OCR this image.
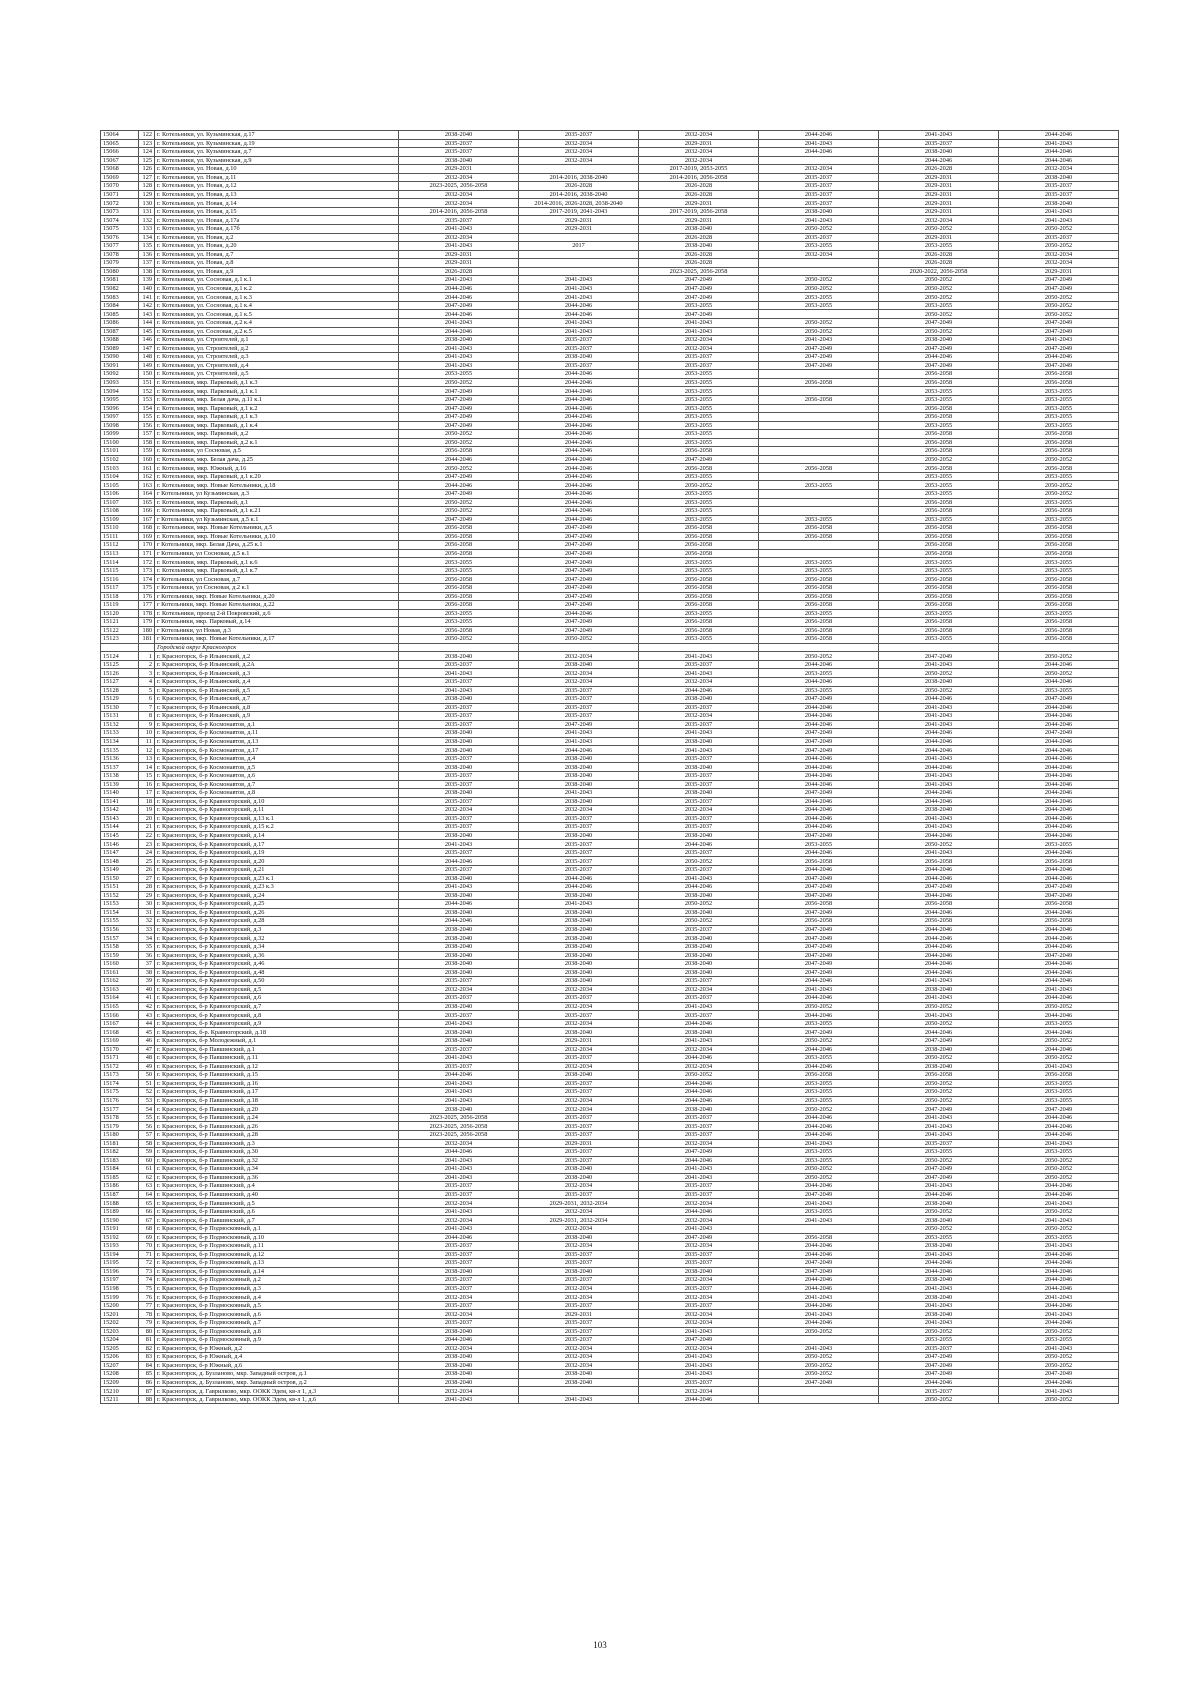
15064	122	г. Котельники, ул. Кузьминская, д.17	2038-2040	2035-2037	2032-2034	2044-2046	2041-2043	2044-2046
15065	123	г. Котельники, ул. Кузьминская, д.19	2035-2037	2032-2034	2029-2031	2041-2043	2035-2037	2041-2043
15066	124	г. Котельники, ул. Кузьминская, д.7	2035-2037	2032-2034	2032-2034	2044-2046	2038-2040	2044-2046
15067	125	г. Котельники, ул. Кузьминская, д.9	2038-2040	2032-2034	2032-2034		2044-2046	2044-2046
15068	126	г. Котельники, ул. Новая, д.10	2029-2031		2017-2019, 2053-2055	2032-2034	2026-2028	2032-2034
15069	127	г. Котельники, ул. Новая, д.11	2032-2034	2014-2016, 2038-2040	2014-2016, 2056-2058	2035-2037	2029-2031	2038-2040
15070	128	г. Котельники, ул. Новая, д.12	2023-2025, 2056-2058	2026-2028	2026-2028	2035-2037	2029-2031	2035-2037
15071	129	г. Котельники, ул. Новая, д.13	2032-2034	2014-2016, 2038-2040	2026-2028	2035-2037	2029-2031	2035-2037
15072	130	г. Котельники, ул. Новая, д.14	2032-2034	2014-2016, 2026-2028, 2038-2040	2029-2031	2035-2037	2029-2031	2038-2040
15073	131	г. Котельники, ул. Новая, д.15	2014-2016, 2056-2058	2017-2019, 2041-2043	2017-2019, 2056-2058	2038-2040	2029-2031	2041-2043
15074	132	г. Котельники, ул. Новая, д.17а	2035-2037	2029-2031	2029-2031	2041-2043	2032-2034	2041-2043
15075	133	г. Котельники, ул. Новая, д.17б	2041-2043	2029-2031	2038-2040	2050-2052	2050-2052	2050-2052
15076	134	г. Котельники, ул. Новая, д.2	2032-2034		2026-2028	2035-2037	2029-2031	2035-2037
15077	135	г. Котельники, ул. Новая, д.20	2041-2043	2017	2038-2040	2053-2055	2053-2055	2050-2052
15078	136	г. Котельники, ул. Новая, д.7	2029-2031		2026-2028	2032-2034	2026-2028	2032-2034
15079	137	г. Котельники, ул. Новая, д.8	2029-2031		2026-2028		2026-2028	2032-2034
15080	138	г. Котельники, ул. Новая, д.9	2026-2028		2023-2025, 2056-2058		2020-2022, 2056-2058	2029-2031
15081	139	г. Котельники, ул. Сосновая, д.1 к.1	2041-2043	2041-2043	2047-2049	2050-2052	2050-2052	2047-2049
15082	140	г. Котельники, ул. Сосновая, д.1 к.2	2044-2046	2041-2043	2047-2049	2050-2052	2050-2052	2047-2049
15083	141	г. Котельники, ул. Сосновая, д.1 к.3	2044-2046	2041-2043	2047-2049	2053-2055	2050-2052	2050-2052
15084	142	г. Котельники, ул. Сосновая, д.1 к.4	2047-2049	2044-2046	2053-2055	2053-2055	2053-2055	2050-2052
15085	143	г. Котельники, ул. Сосновая, д.1 к.5	2044-2046	2044-2046	2047-2049		2050-2052	2050-2052
15086	144	г. Котельники, ул. Сосновая, д.2 к.4	2041-2043	2041-2043	2041-2043	2050-2052	2047-2049	2047-2049
15087	145	г. Котельники, ул. Сосновая, д.2 к.5	2044-2046	2041-2043	2041-2043	2050-2052	2050-2052	2047-2049
15088	146	г. Котельники, ул. Строителей, д.1	2038-2040	2035-2037	2032-2034	2041-2043	2038-2040	2041-2043
15089	147	г. Котельники, ул. Строителей, д.2	2041-2043	2035-2037	2032-2034	2047-2049	2047-2049	2047-2049
15090	148	г. Котельники, ул. Строителей, д.3	2041-2043	2038-2040	2035-2037	2047-2049	2044-2046	2044-2046
15091	149	г. Котельники, ул. Строителей, д.4	2041-2043	2035-2037	2035-2037	2047-2049	2047-2049	2047-2049
15092	150	г. Котельники, ул. Строителей, д.5	2053-2055	2044-2046	2053-2055		2056-2058	2056-2058
15093	151	г. Котельники, мкр. Парковый, д.1 к.3	2050-2052	2044-2046	2053-2055	2056-2058	2056-2058	2056-2058
15094	152	г. Котельники, мкр. Парковый, д.1 к.1	2047-2049	2044-2046	2053-2055		2053-2055	2053-2055
15095	153	г. Котельники, мкр. Белая дача, д.11 к.1	2047-2049	2044-2046	2053-2055	2056-2058	2053-2055	2053-2055
15096	154	г. Котельники, мкр. Парковый, д.1 к.2	2047-2049	2044-2046	2053-2055		2056-2058	2053-2055
15097	155	г. Котельники, мкр. Парковый, д.1 к.3	2047-2049	2044-2046	2053-2055		2056-2058	2053-2055
15098	156	г. Котельники, мкр. Парковый, д.1 к.4	2047-2049	2044-2046	2053-2055		2053-2055	2053-2055
15099	157	г. Котельники, мкр. Парковый, д.2	2050-2052	2044-2046	2053-2055		2056-2058	2056-2058
15100	158	г. Котельники, мкр. Парковый, д.2 к.1	2050-2052	2044-2046	2053-2055		2056-2058	2056-2058
15101	159	г. Котельники, ул Сосновая, д.5	2056-2058	2044-2046	2056-2058		2056-2058	2056-2058
15102	160	г. Котельники, мкр. Белая дача, д.25	2044-2046	2044-2046	2047-2049		2050-2052	2050-2052
15103	161	г. Котельники, мкр. Южный, д.16	2050-2052	2044-2046	2056-2058	2056-2058	2056-2058	2056-2058
15104	162	г. Котельники, мкр. Парковый, д.1 к.20	2047-2049	2044-2046	2053-2055		2053-2055	2053-2055
15105	163	г. Котельники, мкр. Новые Котельники, д.18	2044-2046	2044-2046	2050-2052	2053-2055	2053-2055	2050-2052
15106	164	г Котельники, ул Кузьминская, д.3	2047-2049	2044-2046	2053-2055		2053-2055	2050-2052
15107	165	г. Котельники, мкр. Парковый, д.1	2050-2052	2044-2046	2053-2055		2056-2058	2053-2055
15108	166	г. Котельники, мкр. Парковый, д.1 к.21	2050-2052	2044-2046	2053-2055		2056-2058	2056-2058
15109	167	г Котельники, ул Кузьминская, д.5 к.1	2047-2049	2044-2046	2053-2055	2053-2055	2053-2055	2053-2055
15110	168	г. Котельники, мкр. Новые Котельники, д.5	2056-2058	2047-2049	2056-2058	2056-2058	2056-2058	2056-2058
15111	169	г. Котельники, мкр. Новые Котельники, д.10	2056-2058	2047-2049	2056-2058	2056-2058	2056-2058	2056-2058
15112	170	г Котельники, мкр. Белая Дача, д.25 к.1	2056-2058	2047-2049	2056-2058		2056-2058	2056-2058
15113	171	г Котельники, ул Сосновая, д.5 к.1	2056-2058	2047-2049	2056-2058		2056-2058	2056-2058
15114	172	г. Котельники, мкр. Парковый, д.1 к.6	2053-2055	2047-2049	2053-2055	2053-2055	2053-2055	2053-2055
15115	173	г. Котельники, мкр. Парковый, д.1 к.7	2053-2055	2047-2049	2053-2055	2053-2055	2053-2055	2053-2055
15116	174	г Котельники, ул Сосновая, д.7	2056-2058	2047-2049	2056-2058	2056-2058	2056-2058	2056-2058
15117	175	г Котельники, ул Сосновая, д.2 к.1	2056-2058	2047-2049	2056-2058	2056-2058	2056-2058	2056-2058
15118	176	г Котельники, мкр. Новые Котельники, д.20	2056-2058	2047-2049	2056-2058	2056-2058	2056-2058	2056-2058
15119	177	г Котельники, мкр. Новые Котельники, д.22	2056-2058	2047-2049	2056-2058	2056-2058	2056-2058	2056-2058
15120	178	г. Котельники, проезд 2-й Покровский, д.6	2053-2055	2044-2046	2053-2055	2053-2055	2053-2055	2053-2055
15121	179	г Котельники, мкр. Парковый, д.14	2053-2055	2047-2049	2056-2058	2056-2058	2056-2058	2056-2058
15122	180	г Котельники, ул Новая, д.3	2056-2058	2047-2049	2056-2058	2056-2058	2056-2058	2056-2058
15123	181	г Котельники, мкр. Новые Котельники, д.17	2050-2052	2050-2052	2053-2055	2056-2058	2053-2055	2056-2058
		Городской округ Красногорск						
15124	1	г. Красногорск, б-р Ильинский, д.2	2038-2040	2032-2034	2041-2043	2050-2052	2047-2049	2050-2052
15125	2	г. Красногорск, б-р Ильинский, д.2А	2035-2037	2038-2040	2035-2037	2044-2046	2041-2043	2044-2046
15126	3	г. Красногорск, б-р Ильинский, д.3	2041-2043	2032-2034	2041-2043	2053-2055	2050-2052	2050-2052
15127	4	г. Красногорск, б-р Ильинский, д.4	2035-2037	2032-2034	2032-2034	2044-2046	2038-2040	2044-2046
15128	5	г. Красногорск, б-р Ильинский, д.5	2041-2043	2035-2037	2044-2046	2053-2055	2050-2052	2053-2055
15129	6	г. Красногорск, б-р Ильинский, д.7	2038-2040	2035-2037	2038-2040	2047-2049	2044-2046	2047-2049
15130	7	г. Красногорск, б-р Ильинский, д.8	2035-2037	2035-2037	2035-2037	2044-2046	2041-2043	2044-2046
15131	8	г. Красногорск, б-р Ильинский, д.9	2035-2037	2035-2037	2032-2034	2044-2046	2041-2043	2044-2046
15132	9	г. Красногорск, б-р Космонавтов, д.1	2035-2037	2047-2049	2035-2037	2044-2046	2041-2043	2044-2046
15133	10	г. Красногорск, б-р Космонавтов, д.11	2038-2040	2041-2043	2041-2043	2047-2049	2044-2046	2047-2049
15134	11	г. Красногорск, б-р Космонавтов, д.13	2038-2040	2041-2043	2038-2040	2047-2049	2044-2046	2044-2046
15135	12	г. Красногорск, б-р Космонавтов, д.17	2038-2040	2044-2046	2041-2043	2047-2049	2044-2046	2044-2046
15136	13	г. Красногорск, б-р Космонавтов, д.4	2035-2037	2038-2040	2035-2037	2044-2046	2041-2043	2044-2046
15137	14	г. Красногорск, б-р Космонавтов, д.5	2038-2040	2038-2040	2038-2040	2044-2046	2044-2046	2044-2046
15138	15	г. Красногорск, б-р Космонавтов, д.6	2035-2037	2038-2040	2035-2037	2044-2046	2041-2043	2044-2046
15139	16	г. Красногорск, б-р Космонавтов, д.7	2035-2037	2038-2040	2035-2037	2044-2046	2041-2043	2044-2046
15140	17	г. Красногорск, б-р Космонавтов, д.8	2038-2040	2041-2043	2038-2040	2047-2049	2044-2046	2044-2046
15141	18	г. Красногорск, б-р Кравногорский, д.10	2035-2037	2038-2040	2035-2037	2044-2046	2044-2046	2044-2046
15142	19	г. Красногорск, б-р Кравногорский, д.11	2032-2034	2032-2034	2032-2034	2044-2046	2038-2040	2044-2046
15143	20	г. Красногорск, б-р Кравногорский, д.13 к.1	2035-2037	2035-2037	2035-2037	2044-2046	2041-2043	2044-2046
15144	21	г. Красногорск, б-р Кравногорский, д.15 к.2	2035-2037	2035-2037	2035-2037	2044-2046	2041-2043	2044-2046
15145	22	г. Красногорск, б-р Кравногорский, д.14	2038-2040	2038-2040	2038-2040	2047-2049	2044-2046	2044-2046
15146	23	г. Красногорск, б-р Кравногорский, д.17	2041-2043	2035-2037	2044-2046	2053-2055	2050-2052	2053-2055
15147	24	г. Красногорск, б-р Кравногорский, д.19	2035-2037	2035-2037	2035-2037	2044-2046	2041-2043	2044-2046
15148	25	г. Красногорск, б-р Кравногорский, д.20	2044-2046	2035-2037	2050-2052	2056-2058	2056-2058	2056-2058
15149	26	г. Красногорск, б-р Кравногорский, д.21	2035-2037	2035-2037	2035-2037	2044-2046	2044-2046	2044-2046
15150	27	г. Красногорск, б-р Кравногорский, д.23 к.1	2038-2040	2044-2046	2041-2043	2047-2049	2044-2046	2044-2046
15151	28	г. Красногорск, б-р Кравногорский, д.23 к.3	2041-2043	2044-2046	2044-2046	2047-2049	2047-2049	2047-2049
15152	29	г. Красногорск, б-р Кравногорский, д.24	2038-2040	2038-2040	2038-2040	2047-2049	2044-2046	2047-2049
15153	30	г. Красногорск, б-р Кравногорский, д.25	2044-2046	2041-2043	2050-2052	2056-2058	2056-2058	2056-2058
15154	31	г. Красногорск, б-р Кравногорский, д.26	2038-2040	2038-2040	2038-2040	2047-2049	2044-2046	2044-2046
15155	32	г. Красногорск, б-р Кравногорский, д.28	2044-2046	2038-2040	2050-2052	2056-2058	2056-2058	2056-2058
15156	33	г. Красногорск, б-р Кравногорский, д.3	2038-2040	2038-2040	2035-2037	2047-2049	2044-2046	2044-2046
15157	34	г. Красногорск, б-р Кравногорский, д.32	2038-2040	2038-2040	2038-2040	2047-2049	2044-2046	2044-2046
15158	35	г. Красногорск, б-р Кравногорский, д.34	2038-2040	2038-2040	2038-2040	2047-2049	2044-2046	2044-2046
15159	36	г. Красногорск, б-р Кравногорский, д.36	2038-2040	2038-2040	2038-2040	2047-2049	2044-2046	2047-2049
15160	37	г. Красногорск, б-р Кравногорский, д.46	2038-2040	2038-2040	2038-2040	2047-2049	2044-2046	2044-2046
15161	38	г. Красногорск, б-р Кравногорский, д.48	2038-2040	2038-2040	2038-2040	2047-2049	2044-2046	2044-2046
15162	39	г. Красногорск, б-р Кравногорский, д.50	2035-2037	2038-2040	2035-2037	2044-2046	2041-2043	2044-2046
15163	40	г. Красногорск, б-р Кравногорский, д.5	2032-2034	2032-2034	2032-2034	2041-2043	2038-2040	2041-2043
15164	41	г. Красногорск, б-р Кравногорский, д.6	2035-2037	2035-2037	2035-2037	2044-2046	2041-2043	2044-2046
15165	42	г. Красногорск, б-р Кравногорский, д.7	2038-2040	2032-2034	2041-2043	2050-2052	2050-2052	2050-2052
15166	43	г. Красногорск, б-р Кравногорский, д.8	2035-2037	2035-2037	2035-2037	2044-2046	2041-2043	2044-2046
15167	44	г. Красногорск, б-р Кравногорский, д.9	2041-2043	2032-2034	2044-2046	2053-2055	2050-2052	2053-2055
15168	45	г. Красногорск, б-р. Кравногорский, д.18	2038-2040	2038-2040	2038-2040	2047-2049	2044-2046	2044-2046
15169	46	г. Красногорск, б-р Молодежный, д.1	2038-2040	2029-2031	2041-2043	2050-2052	2047-2049	2050-2052
15170	47	г. Красногорск, б-р Павшинский, д.1	2035-2037	2032-2034	2032-2034	2044-2046	2038-2040	2044-2046
15171	48	г. Красногорск, б-р Павшинский, д.11	2041-2043	2035-2037	2044-2046	2053-2055	2050-2052	2050-2052
15172	49	г. Красногорск, б-р Павшинский, д.12	2035-2037	2032-2034	2032-2034	2044-2046	2038-2040	2041-2043
15173	50	г. Красногорск, б-р Павшинский, д.15	2044-2046	2038-2040	2050-2052	2056-2058	2056-2058	2056-2058
15174	51	г. Красногорск, б-р Павшинский, д.16	2041-2043	2035-2037	2044-2046	2053-2055	2050-2052	2053-2055
15175	52	г. Красногорск, б-р Павшинский, д.17	2041-2043	2035-2037	2044-2046	2053-2055	2050-2052	2053-2055
15176	53	г. Красногорск, б-р Павшинский, д.18	2041-2043	2032-2034	2044-2046	2053-2055	2050-2052	2053-2055
15177	54	г. Красногорск, б-р Павшинский, д.20	2038-2040	2032-2034	2038-2040	2050-2052	2047-2049	2047-2049
15178	55	г. Красногорск, б-р Павшинский, д.24	2023-2025, 2056-2058	2035-2037	2035-2037	2044-2046	2041-2043	2044-2046
15179	56	г. Красногорск, б-р Павшинский, д.26	2023-2025, 2056-2058	2035-2037	2035-2037	2044-2046	2041-2043	2044-2046
15180	57	г. Красногорск, б-р Павшинский, д.28	2023-2025, 2056-2058	2035-2037	2035-2037	2044-2046	2041-2043	2044-2046
15181	58	г. Красногорск, б-р Павшинский, д.3	2032-2034	2029-2031	2032-2034	2041-2043	2035-2037	2041-2043
15182	59	г. Красногорск, б-р Павшинский, д.30	2044-2046	2035-2037	2047-2049	2053-2055	2053-2055	2053-2055
15183	60	г. Красногорск, б-р Павшинский, д.32	2041-2043	2035-2037	2044-2046	2053-2055	2050-2052	2050-2052
15184	61	г. Красногорск, б-р Павшинский, д.34	2041-2043	2038-2040	2041-2043	2050-2052	2047-2049	2050-2052
15185	62	г. Красногорск, б-р Павшинский, д.36	2041-2043	2038-2040	2041-2043	2050-2052	2047-2049	2050-2052
15186	63	г. Красногорск, б-р Павшинский, д.4	2035-2037	2032-2034	2035-2037	2044-2046	2041-2043	2044-2046
15187	64	г. Красногорск, б-р Павшинский, д.40	2035-2037	2035-2037	2035-2037	2047-2049	2044-2046	2044-2046
15188	65	г. Красногорск, б-р Павшинский, д.5	2032-2034	2029-2031, 2032-2034	2032-2034	2041-2043	2038-2040	2041-2043
15189	66	г. Красногорск, б-р Павшинский, д.6	2041-2043	2032-2034	2044-2046	2053-2055	2050-2052	2050-2052
15190	67	г. Красногорск, б-р Павшинский, д.7	2032-2034	2029-2031, 2032-2034	2032-2034	2041-2043	2038-2040	2041-2043
15191	68	г. Красногорск, б-р Подмосковный, д.1	2041-2043	2032-2034	2041-2043		2050-2052	2050-2052
15192	69	г. Красногорск, б-р Подмосковный, д.10	2044-2046	2038-2040	2047-2049	2056-2058	2053-2055	2053-2055
15193	70	г. Красногорск, б-р Подмосковный, д.11	2035-2037	2032-2034	2032-2034	2044-2046	2038-2040	2041-2043
15194	71	г. Красногорск, б-р Подмосковный, д.12	2035-2037	2035-2037	2035-2037	2044-2046	2041-2043	2044-2046
15195	72	г. Красногорск, б-р Подмосковный, д.13	2035-2037	2035-2037	2035-2037	2047-2049	2044-2046	2044-2046
15196	73	г. Красногорск, б-р Подмосковный, д.14	2038-2040	2038-2040	2038-2040	2047-2049	2044-2046	2044-2046
15197	74	г. Красногорск, б-р Подмосковный, д.2	2035-2037	2035-2037	2032-2034	2044-2046	2038-2040	2044-2046
15198	75	г. Красногорск, б-р Подмосковный, д.3	2035-2037	2032-2034	2035-2037	2044-2046	2041-2043	2044-2046
15199	76	г. Красногорск, б-р Подмосковный, д.4	2032-2034	2032-2034	2032-2034	2041-2043	2038-2040	2041-2043
15200	77	г. Красногорск, б-р Подмосковный, д.5	2035-2037	2035-2037	2035-2037	2044-2046	2041-2043	2044-2046
15201	78	г. Красногорск, б-р Подмосковный, д.6	2032-2034	2029-2031	2032-2034	2041-2043	2038-2040	2041-2043
15202	79	г. Красногорск, б-р Подмосковный, д.7	2035-2037	2035-2037	2032-2034	2044-2046	2041-2043	2044-2046
15203	80	г. Красногорск, б-р Подмосковный, д.8	2038-2040	2035-2037	2041-2043	2050-2052	2050-2052	2050-2052
15204	81	г. Красногорск, б-р Подмосковный, д.9	2044-2046	2035-2037	2047-2049		2053-2055	2053-2055
15205	82	г. Красногорск, б-р Южный, д.2	2032-2034	2032-2034	2032-2034	2041-2043	2035-2037	2041-2043
15206	83	г. Красногорск, б-р Южный, д.4	2038-2040	2032-2034	2041-2043	2050-2052	2047-2049	2050-2052
15207	84	г. Красногорск, б-р Южный, д.6	2038-2040	2032-2034	2041-2043	2050-2052	2047-2049	2050-2052
15208	85	г. Красногорск, д. Бузланово, мкр. Западный остров, д.1	2038-2040	2038-2040	2041-2043	2050-2052	2047-2049	2047-2049
15209	86	г. Красногорск, д. Бузланово, мкр. Западный остров, д.2	2038-2040	2038-2040	2035-2037	2047-2049	2044-2046	2044-2046
15210	87	г. Красногорск, д. Гаврилково, мкр. ООКК Эдем, кв-л 1, д.3	2032-2034		2032-2034		2035-2037	2041-2043
15211	88	г. Красногорск, д. Гаврилково, мкр. ООКК Эдем, кв-л 1, д.6	2041-2043	2041-2043	2044-2046		2050-2052	2050-2052
103
